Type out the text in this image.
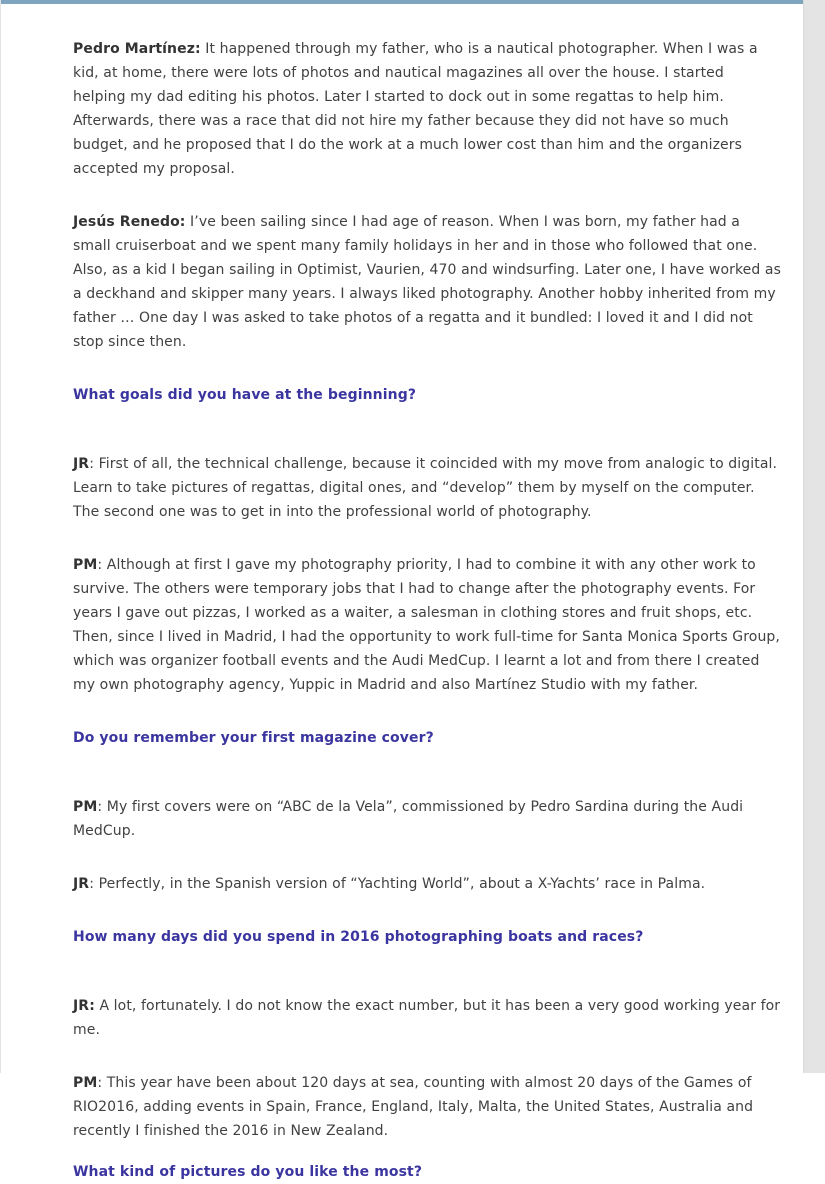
Pedro Martínez: It happened through my father, who is a nautical photographer. When I was a kid, at home, there were lots of photos and nautical magazines all over the house. I started helping my dad editing his photos. Later I started to dock out in some regattas to help him. Afterwards, there was a race that did not hire my father because they did not have so much budget, and he proposed that I do the work at a much lower cost than him and the organizers accepted my proposal.

Jesús Renedo: I’ve been sailing since I had age of reason. When I was born, my father had a small cruiserboat and we spent many family holidays in her and in those who followed that one. Also, as a kid I began sailing in Optimist, Vaurien, 470 and windsurfing. Later one, I have worked as a deckhand and skipper many years. I always liked photography. Another hobby inherited from my father … One day I was asked to take photos of a regatta and it bundled: I loved it and I did not stop since then.

What goals did you have at the beginning?

JR: First of all, the technical challenge, because it coincided with my move from analogic to digital. Learn to take pictures of regattas, digital ones, and “develop” them by myself on the computer. The second one was to get in into the professional world of photography.

PM: Although at first I gave my photography priority, I had to combine it with any other work to survive. The others were temporary jobs that I had to change after the photography events. For years I gave out pizzas, I worked as a waiter, a salesman in clothing stores and fruit shops, etc. Then, since I lived in Madrid, I had the opportunity to work full-time for Santa Monica Sports Group, which was organizer football events and the Audi MedCup. I learnt a lot and from there I created my own photography agency, Yuppic in Madrid and also Martínez Studio with my father.

Do you remember your first magazine cover?

PM: My first covers were on “ABC de la Vela”, commissioned by Pedro Sardina during the Audi MedCup.

JR: Perfectly, in the Spanish version of “Yachting World”, about a X-Yachts’ race in Palma.

How many days did you spend in 2016 photographing boats and races?

JR: A lot, fortunately. I do not know the exact number, but it has been a very good working year for me.

PM: This year have been about 120 days at sea, counting with almost 20 days of the Games of RIO2016, adding events in Spain, France, England, Italy, Malta, the United States, Australia and recently I finished the 2016 in New Zealand.

What kind of pictures do you like the most?
